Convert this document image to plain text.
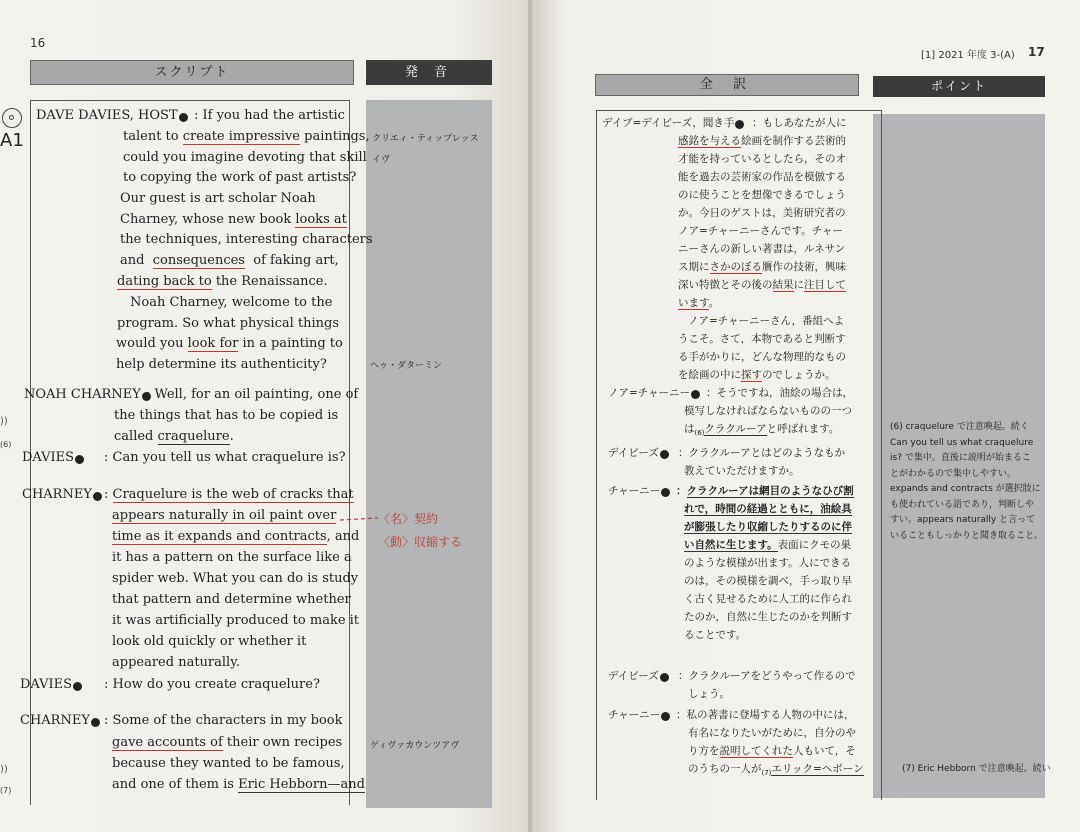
16
スクリプト	発 音
A1
))
(6)
))
(7)
DAVE DAVIES, HOST	: If you had the artistic
talent to create impressive paintings,
could you imagine devoting that skill
to copying the work of past artists?
Our guest is art scholar Noah
Charney, whose new book looks at
the techniques, interesting characters
and  consequences  of faking art,
dating back to the Renaissance.
Noah Charney, welcome to the
program. So what physical things
would you look for in a painting to
help determine its authenticity?
NOAH CHARNEY : Well, for an oil painting, one of
the things that has to be copied is
called craquelure.
DAVIES	: Can you tell us what craquelure is?
CHARNEY : Craquelure is the web of cracks that
appears naturally in oil paint over
time as it expands and contracts, and
it has a pattern on the surface like a
spider web. What you can do is study
that pattern and determine whether
it was artificially produced to make it
look old quickly or whether it
appeared naturally.
DAVIES	: How do you create craquelure?
CHARNEY	: Some of the characters in my book
gave accounts of their own recipes
because they wanted to be famous,
and one of them is Eric Hebborn—and
クリエィ・ティップレッス
イヴ
ヘゥ・ダターミン
ゲィヴァカウンツアヴ
〈名〉契約
〈動〉収縮する
[1] 2021 年度 3-(A) 17
全 訳	ポイント
デイブ=デイビーズ，聞き手	：もしあなたが人に
感銘を与える絵画を制作する芸術的
才能を持っているとしたら，そのオ
能を過去の芸術家の作品を模倣する
のに使うことを想像できるでしょう
か。今日のゲストは，美術研究者の
ノア=チャーニーさんです。チャー
ニーさんの新しい著書は，ルネサン
ス期にさかのぼる贋作の技術，興味
深い特徴とその後の結果に注目して
います。
ノア=チャーニーさん，番組へよ
うこそ。さて，本物であると判断す
る手がかりに，どんな物理的なもの
を絵画の中に探すのでしょうか。
ノア=チャーニー	：そうですね，油絵の場合は，
模写しなければならないものの一つ
は$_{(6)}$クラクルーアと呼ばれます。
デイビーズ	：クラクルーアとはどのようなもか
教えていただけますか。
チャーニー	：クラクルーアは網目のようなひび割
れで，時間の経過とともに，油絵具
が膨張したり収縮したりするのに伴
い自然に生じます。表面にクモの巣
のような模様が出ます。人にできる
のは，その模様を調べ，手っ取り早
く古く見せるために人工的に作られ
たのか，自然に生じたのかを判断す
ることです。
デイビーズ	：クラクルーアをどうやって作るので
しょう。
チャーニー	：私の著書に登場する人物の中には，
有名になりたいがために，自分のや
り方を説明してくれた人もいて，そ
のうちの一人が$_{(7)}$エリック=ヘボーン
(6) craquelure で注意喚起。続く
Can you tell us what craquelure
is? で集中。直後に説明が始まるこ
とがわかるので集中しやすい。
expands and contracts が選択肢に
も使われている語であり，判断しや
すい。appears naturally と言って
いることもしっかりと聞き取ること。
(7) Eric Hebborn で注意喚起。続い
